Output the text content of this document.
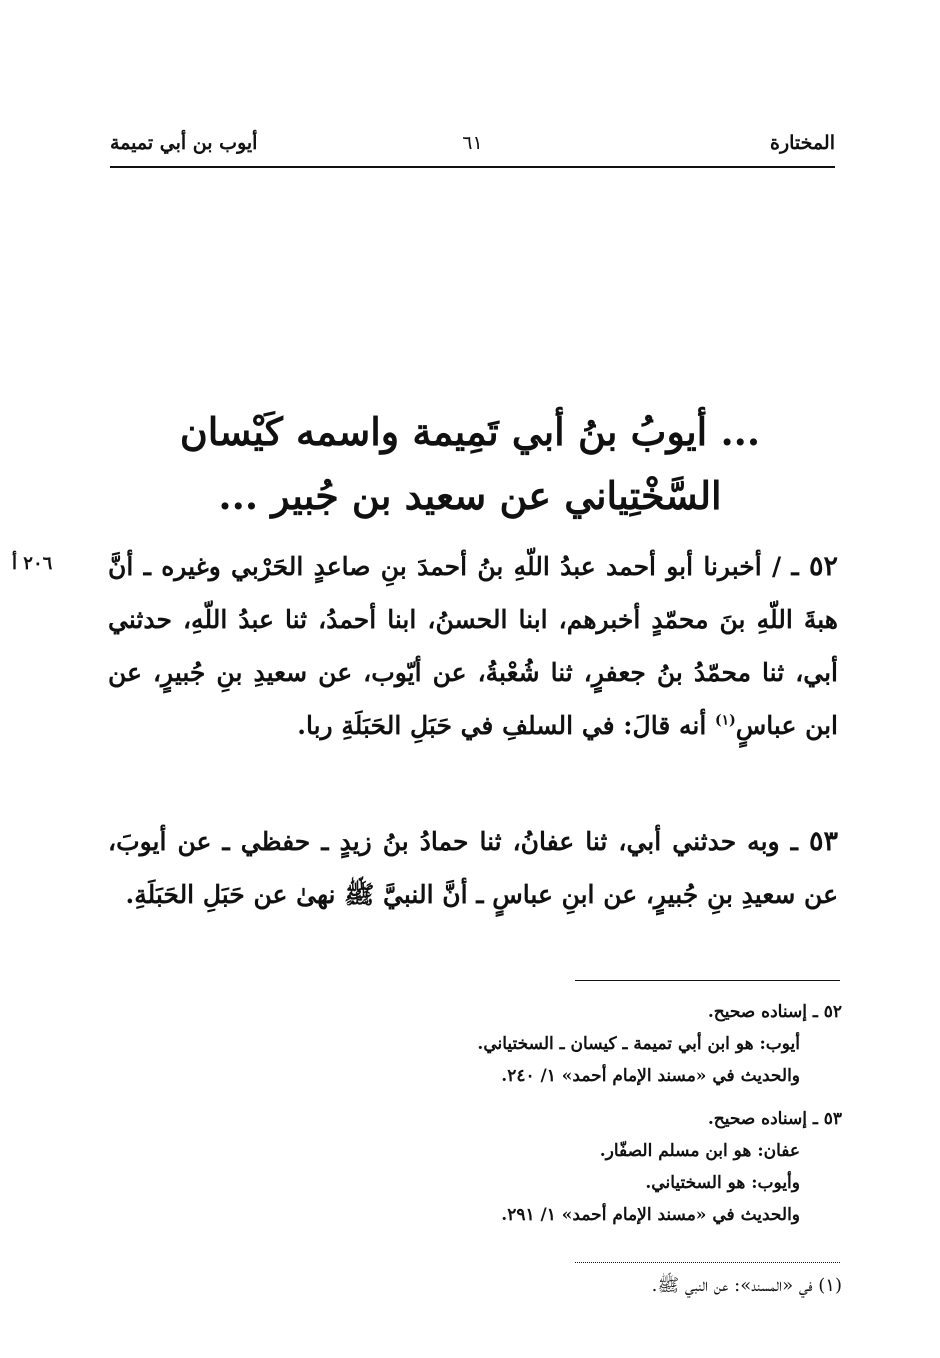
المختارة
٦١
أيوب بن أبي تميمة
... أيوبُ بنُ أبي تَمِيمة واسمه كَيْسان
السَّخْتِياني عن سعيد بن جُبير ...
٢٠٦ أ	٥٢ ـ / أخبرنا أبو أحمد عبدُ اللّهِ بنُ أحمدَ بنِ صاعدٍ الحَرْبي وغيره ـ أنَّ هبةَ اللّهِ بنَ محمّدٍ أخبرهم، ابنا الحسنُ، ابنا أحمدُ، ثنا عبدُ اللّهِ، حدثني أبي، ثنا محمّدُ بنُ جعفرٍ، ثنا شُعْبةُ، عن أيّوب، عن سعيدِ بنِ جُبيرٍ، عن ابن عباسٍ$^{(١)}$ أنه قالَ: في السلفِ في حَبَلِ الحَبَلَةِ ربا.
٥٣ ـ وبه حدثني أبي، ثنا عفانُ، ثنا حمادُ بنُ زيدٍ ـ حفظي ـ عن أيوبَ، عن سعيدِ بنِ جُبيرٍ، عن ابنِ عباسٍ ـ أنَّ النبيَّ ﷺ نهىٰ عن حَبَلِ الحَبَلَةِ.
٥٢ ـ إسناده صحيح.
أيوب: هو ابن أبي تميمة ـ كيسان ـ السختياني.
والحديث في «مسند الإمام أحمد» ١/ ٢٤٠.
٥٣ ـ إسناده صحيح.
عفان: هو ابن مسلم الصفّار.
وأيوب: هو السختياني.
والحديث في «مسند الإمام أحمد» ١/ ٢٩١.
(١) في «المسند»: عن النبي ﷺ.
